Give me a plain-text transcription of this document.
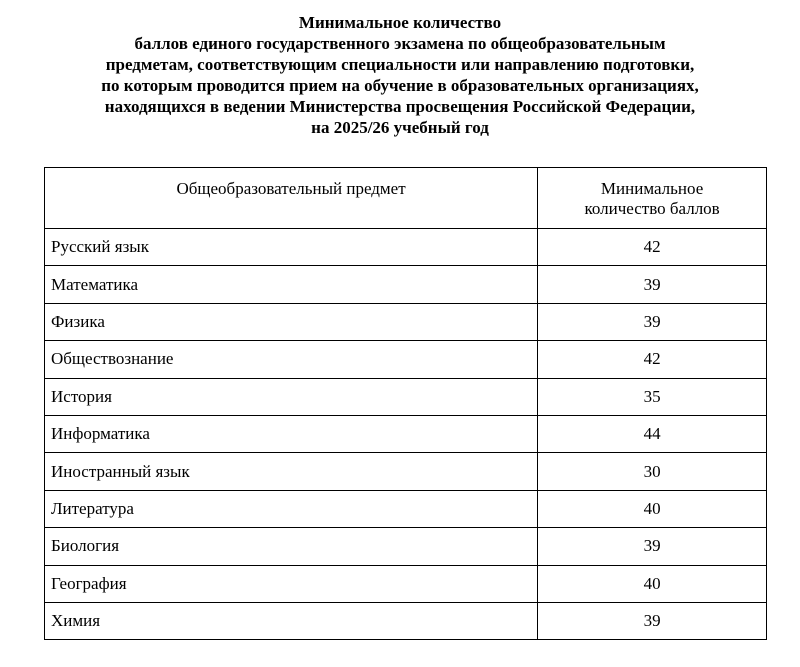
Минимальное количество
баллов единого государственного экзамена по общеобразовательным
предметам, соответствующим специальности или направлению подготовки,
по которым проводится прием на обучение в образовательных организациях,
находящихся в ведении Министерства просвещения Российской Федерации,
на 2025/26 учебный год
Общеобразовательный предмет	Минимальное
количество баллов
Русский язык	42
Математика	39
Физика	39
Обществознание	42
История	35
Информатика	44
Иностранный язык	30
Литература	40
Биология	39
География	40
Химия	39
